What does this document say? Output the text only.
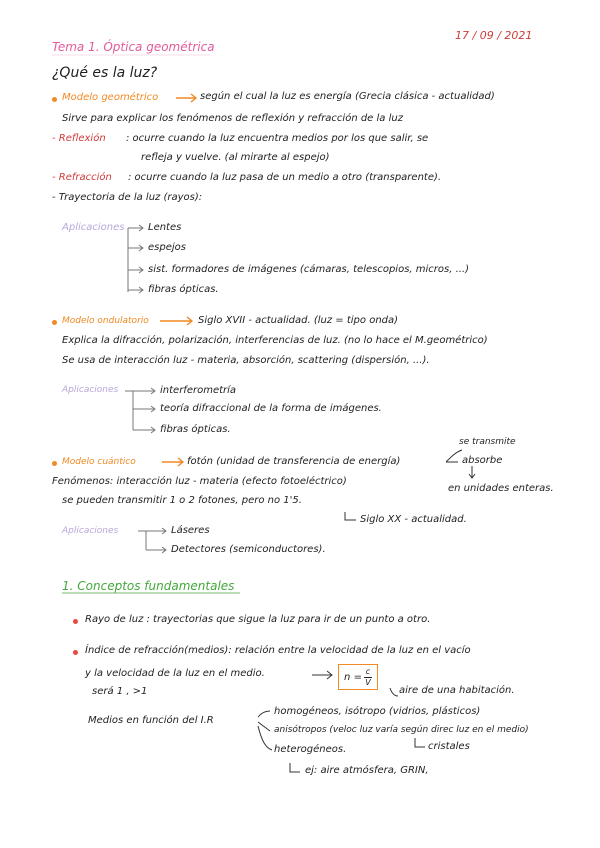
Tema 1. Óptica geométrica
17 / 09 / 2021
¿Qué es la luz?
Modelo geométrico	según el cual la luz es energía (Grecia clásica - actualidad)
Sirve para explicar los fenómenos de reflexión y refracción de la luz
- Reflexión : ocurre cuando la luz encuentra medios por los que salir, se
refleja y vuelve. (al mirarte al espejo)
- Refracción : ocurre cuando la luz pasa de un medio a otro (transparente).
- Trayectoria de la luz (rayos):
Aplicaciones Lentes
espejos
sist. formadores de imágenes (cámaras, telescopios, micros, ...)
fibras ópticas.
Modelo ondulatorio	Siglo XVII - actualidad. (luz = tipo onda)
Explica la difracción, polarización, interferencias de luz. (no lo hace el M.geométrico)
Se usa de interacción luz - materia, absorción, scattering (dispersión, ...).
Aplicaciones	interferometría
teoría difraccional de la forma de imágenes.
fibras ópticas.
Modelo cuántico	fotón (unidad de transferencia de energía)
se transmite
absorbe
en unidades enteras.
Fenómenos: interacción luz - materia (efecto fotoeléctrico)
se pueden transmitir 1 o 2 fotones, pero no 1'5.
Siglo XX - actualidad.
Aplicaciones	Láseres
Detectores (semiconductores).
1. Conceptos fundamentales
Rayo de luz : trayectorias que sigue la luz para ir de un punto a otro.
Índice de refracción(medios): relación entre la velocidad de la luz en el vacío
y la velocidad de la luz en el medio.	$n = \frac{c}{V}$
será 1 , >1	aire de una habitación.
Medios en función del I.R
homogéneos, isótropo (vidrios, plásticos)
anisótropos (veloc luz varía según direc luz en el medio)
heterogéneos.	cristales
ej: aire atmósfera, GRIN,
